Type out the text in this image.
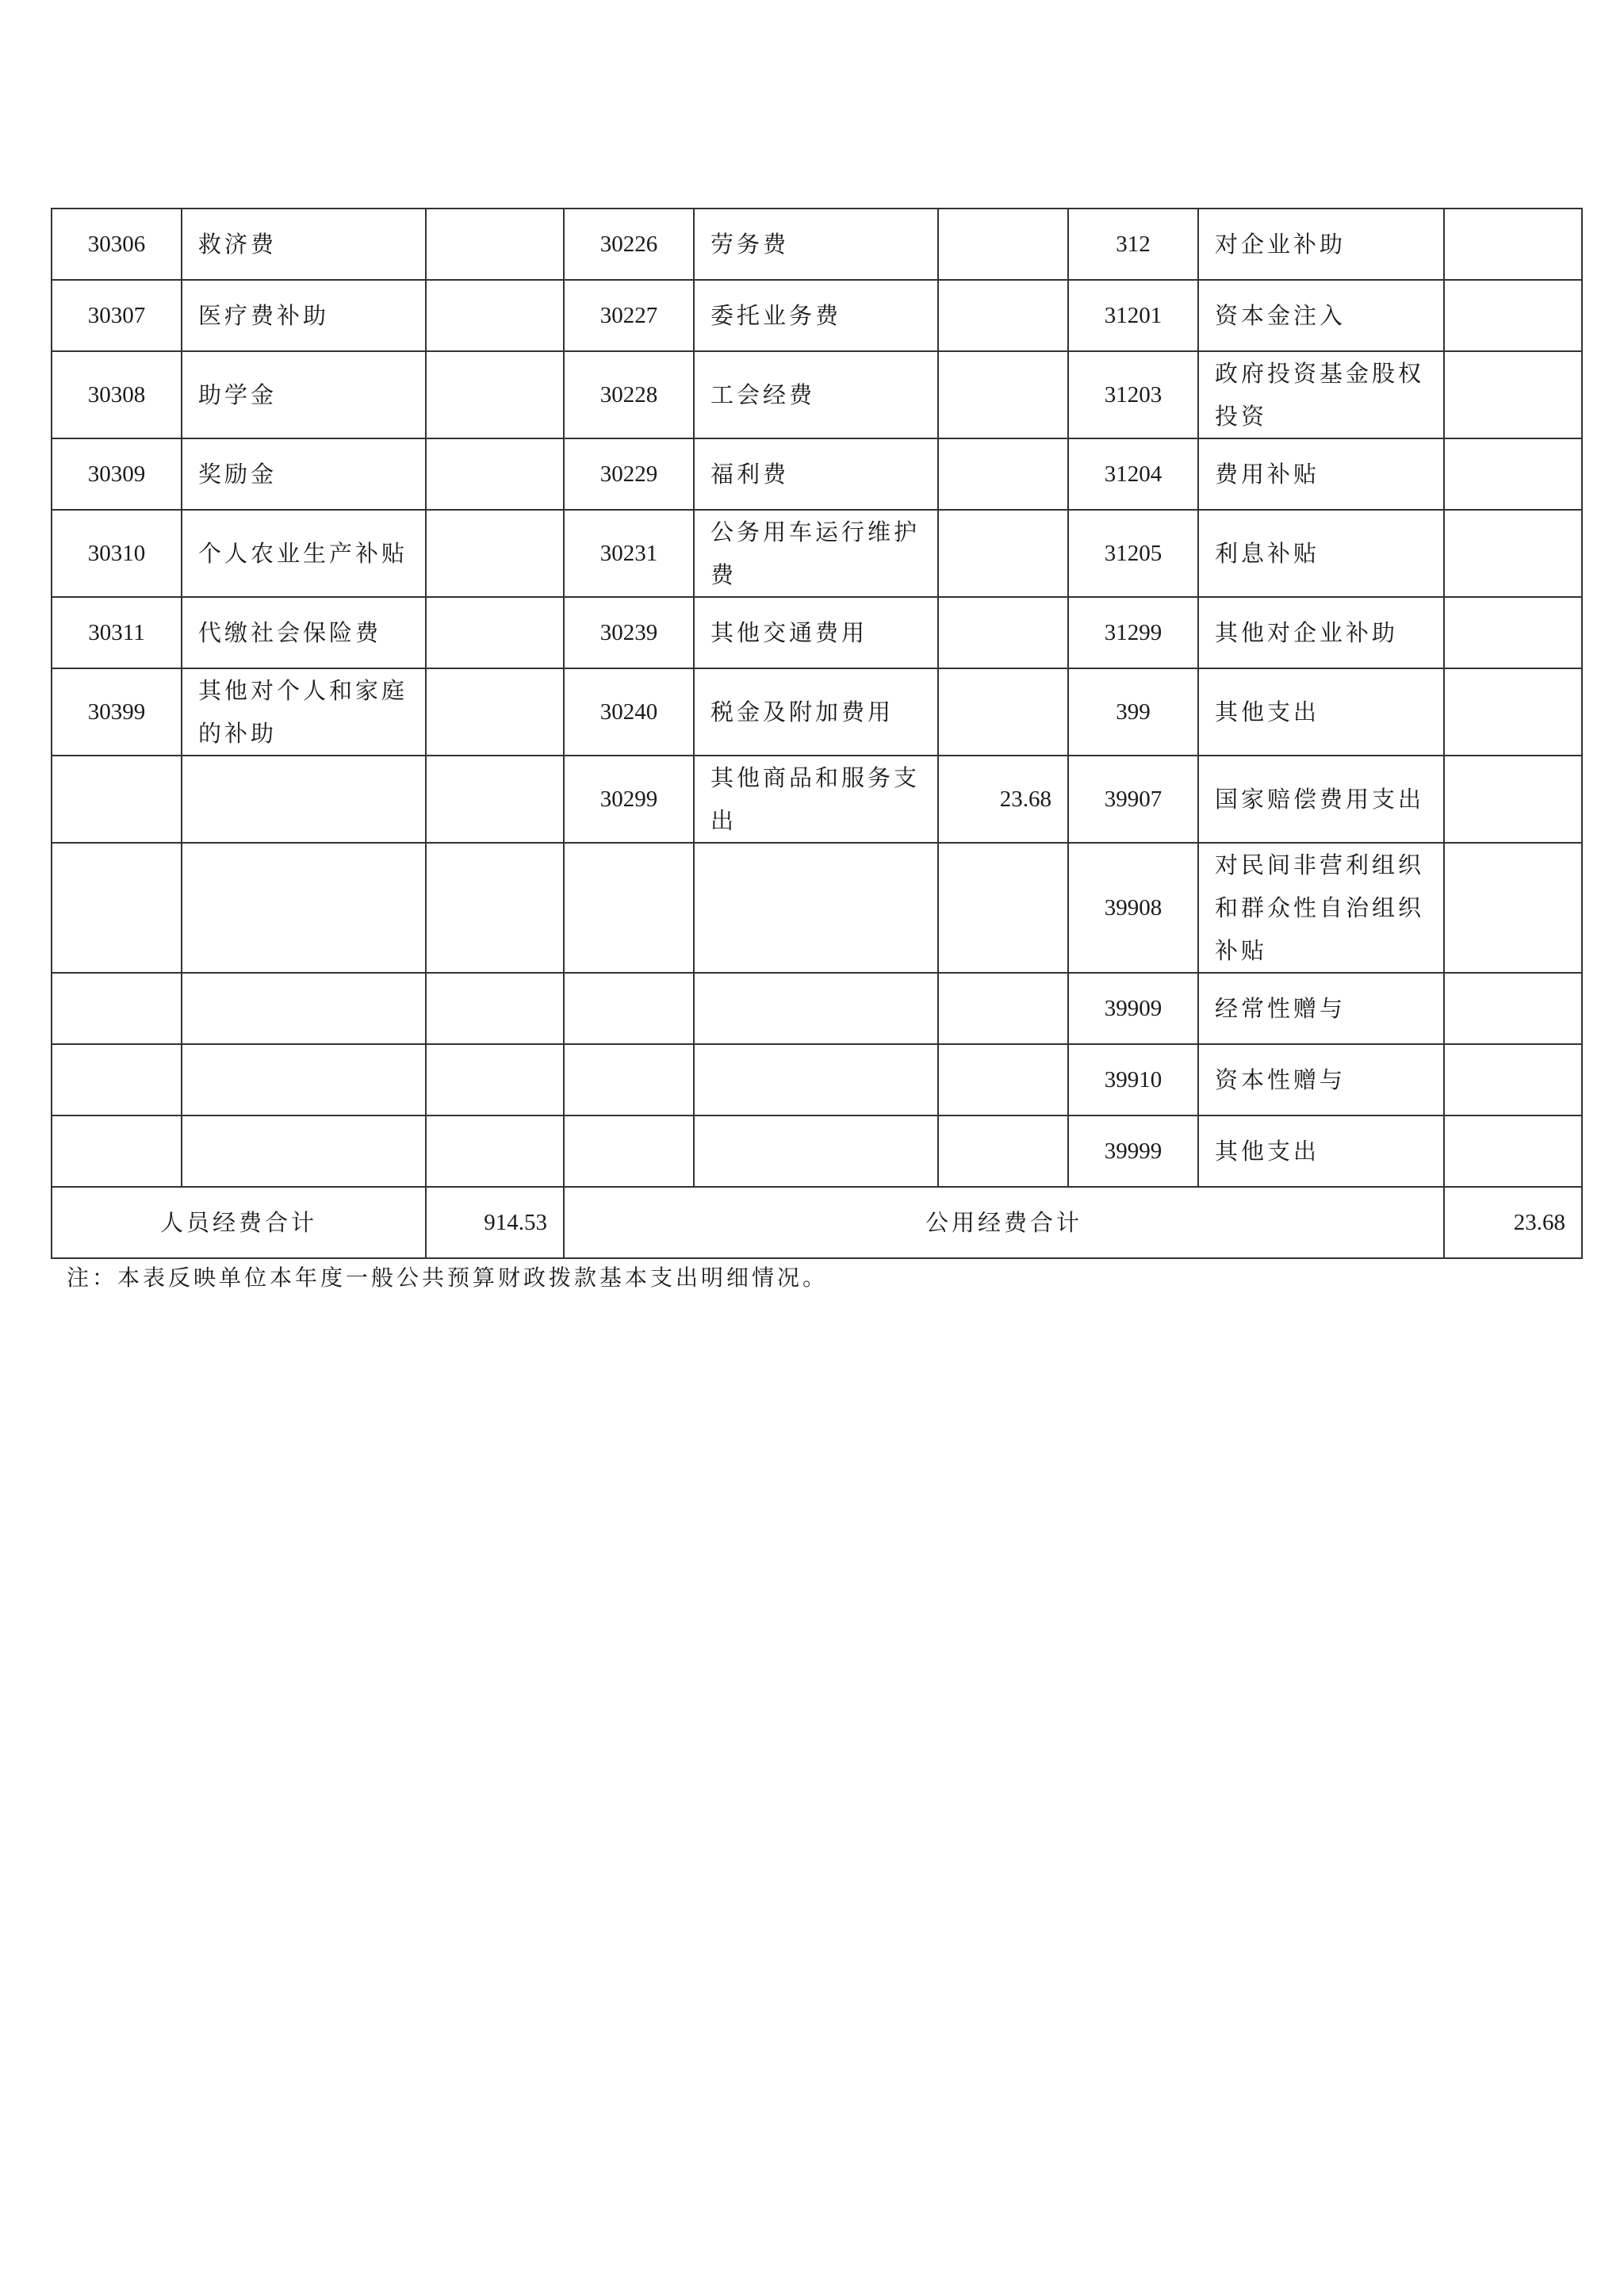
30306	救济费		30226	劳务费		312	对企业补助	
30307	医疗费补助		30227	委托业务费		31201	资本金注入	
30308	助学金		30228	工会经费		31203	政府投资基金股权投资	
30309	奖励金		30229	福利费		31204	费用补贴	
30310	个人农业生产补贴		30231	公务用车运行维护费		31205	利息补贴	
30311	代缴社会保险费		30239	其他交通费用		31299	其他对企业补助	
30399	其他对个人和家庭的补助		30240	税金及附加费用		399	其他支出	
			30299	其他商品和服务支出	23.68	39907	国家赔偿费用支出	
						39908	对民间非营利组织和群众性自治组织补贴	
						39909	经常性赠与	
						39910	资本性赠与	
						39999	其他支出	
人员经费合计		914.53	公用经费合计					23.68
注：本表反映单位本年度一般公共预算财政拨款基本支出明细情况。
